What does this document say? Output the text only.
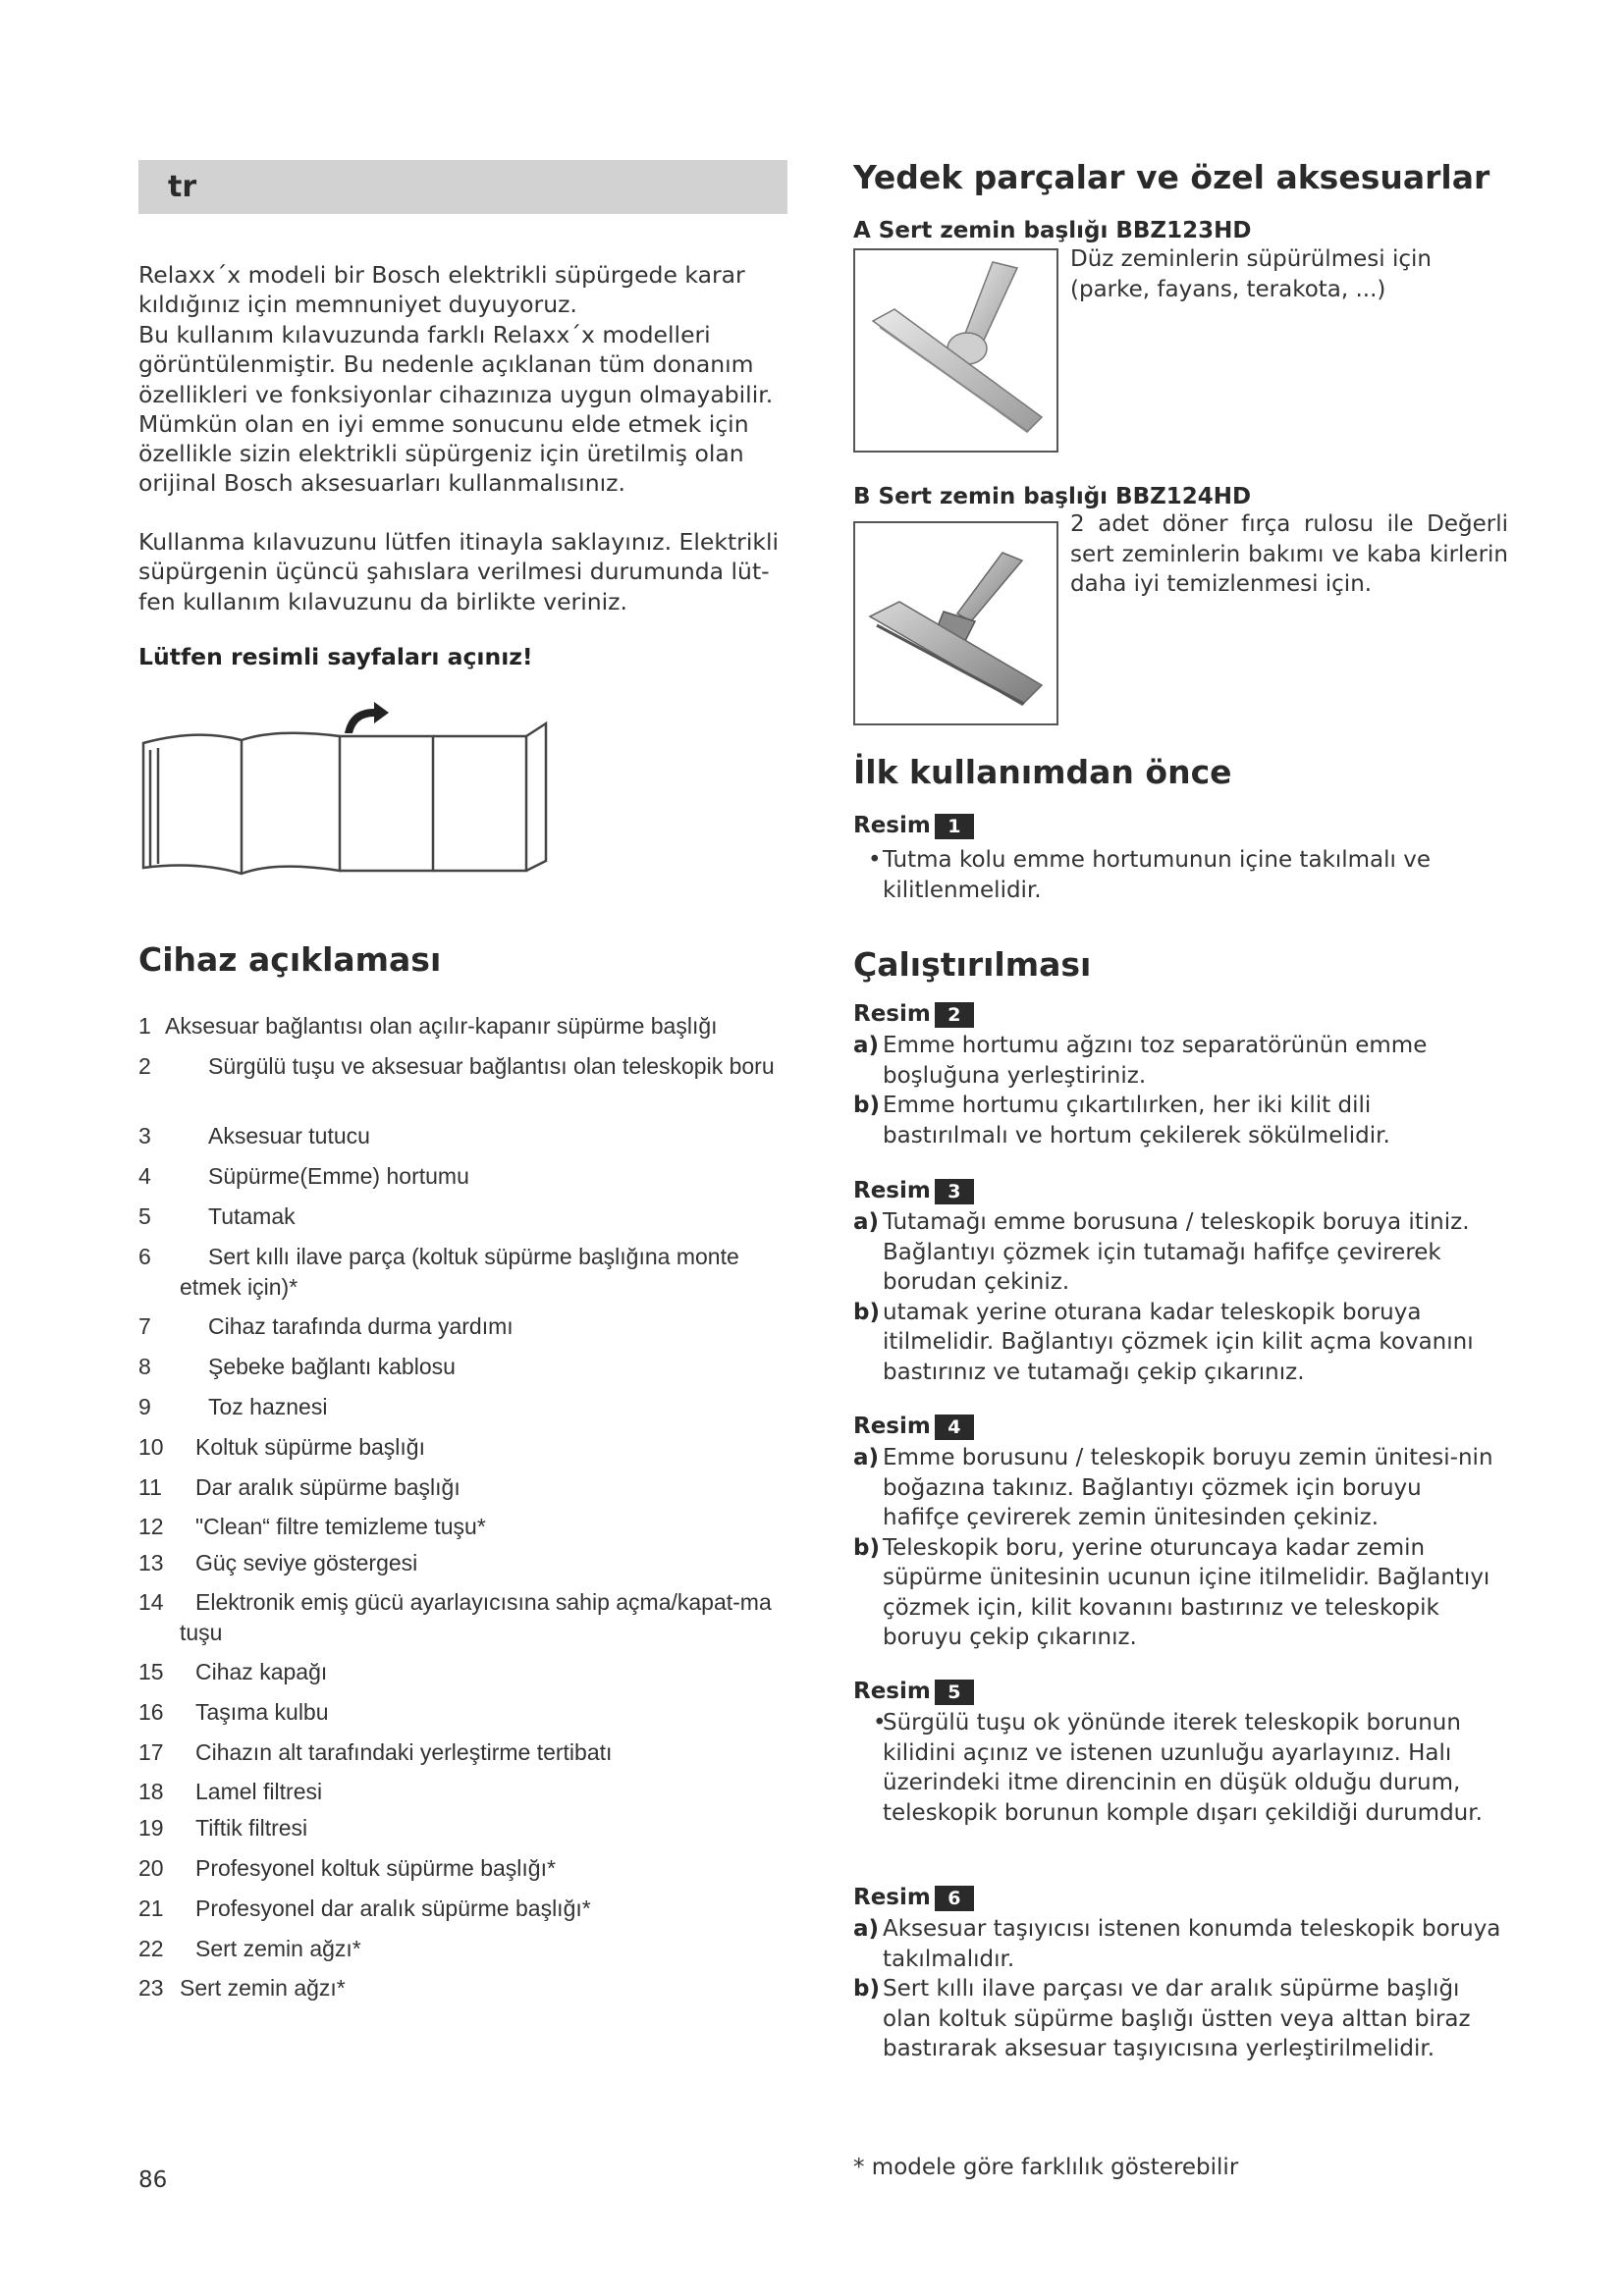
tr

Relaxx´x modeli bir Bosch elektrikli süpürgede karar kıldığınız için memnuniyet duyuyoruz.

Bu kullanım kılavuzunda farklı Relaxx´x modelleri görüntülenmiştir. Bu nedenle açıklanan tüm donanım özellikleri ve fonksiyonlar cihazınıza uygun olmayabilir. Mümkün olan en iyi emme sonucunu elde etmek için özellikle sizin elektrikli süpürgeniz için üretilmiş olan orijinal Bosch aksesuarları kullanmalısınız.

Kullanma kılavuzunu lütfen itinayla saklayınız. Elektrikli süpürgenin üçüncü şahıslara verilmesi durumunda lüt-fen kullanım kılavuzunu da birlikte veriniz.

Lütfen resimli sayfaları açınız!
Cihaz açıklaması
1 Aksesuar bağlantısı olan açılır-kapanır süpürme başlığı
2	Sürgülü tuşu ve aksesuar bağlantısı olan teleskopik boru
3	Aksesuar tutucu
4	Süpürme(Emme) hortumu
5	Tutamak
6	Sert kıllı ilave parça (koltuk süpürme başlığına monte etmek için)*
7	Cihaz tarafında durma yardımı
8	Şebeke bağlantı kablosu
9	Toz haznesi
10	Koltuk süpürme başlığı
11	Dar aralık süpürme başlığı
12	"Clean“ filtre temizleme tuşu*
13	Güç seviye göstergesi
14	Elektronik emiş gücü ayarlayıcısına sahip açma/kapat-ma tuşu
15	Cihaz kapağı
16	Taşıma kulbu
17	Cihazın alt tarafındaki yerleştirme tertibatı
18	Lamel filtresi
19	Tiftik filtresi
20	Profesyonel koltuk süpürme başlığı*
21	Profesyonel dar aralık süpürme başlığı*
22	Sert zemin ağzı*
23 Sert zemin ağzı*
Yedek parçalar ve özel aksesuarlar
A Sert zemin başlığı BBZ123HD
Düz zeminlerin süpürülmesi için (parke, fayans, terakota, ...)
B Sert zemin başlığı BBZ124HD
2 adet döner fırça rulosu ile Değerli sert zeminlerin bakımı ve kaba kirlerin daha iyi temizlenmesi için.
İlk kullanımdan önce
Resim 1
• Tutma kolu emme hortumunun içine takılmalı ve kilitlenmelidir.
Çalıştırılması
Resim 2
a) Emme hortumu ağzını toz separatörünün emme boşluğuna yerleştiriniz.
b) Emme hortumu çıkartılırken, her iki kilit dili bastırılmalı ve hortum çekilerek sökülmelidir.
Resim 3
a) Tutamağı emme borusuna / teleskopik boruya itiniz. Bağlantıyı çözmek için tutamağı hafifçe çevirerek borudan çekiniz.
b) utamak yerine oturana kadar teleskopik boruya itilmelidir. Bağlantıyı çözmek için kilit açma kovanını bastırınız ve tutamağı çekip çıkarınız.
Resim 4
a) Emme borusunu / teleskopik boruyu zemin ünitesi-nin boğazına takınız. Bağlantıyı çözmek için boruyu hafifçe çevirerek zemin ünitesinden çekiniz.
b) Teleskopik boru, yerine oturuncaya kadar zemin süpürme ünitesinin ucunun içine itilmelidir. Bağlantıyı çözmek için, kilit kovanını bastırınız ve teleskopik boruyu çekip çıkarınız.
Resim 5
•
Sürgülü tuşu ok yönünde iterek teleskopik borunun kilidini açınız ve istenen uzunluğu ayarlayınız. Halı üzerindeki itme direncinin en düşük olduğu durum, teleskopik borunun komple dışarı çekildiği durumdur.
Resim 6
a) Aksesuar taşıyıcısı istenen konumda teleskopik boruya takılmalıdır.
b) Sert kıllı ilave parçası ve dar aralık süpürme başlığı olan koltuk süpürme başlığı üstten veya alttan biraz bastırarak aksesuar taşıyıcısına yerleştirilmelidir.
86	* modele göre farklılık gösterebilir
